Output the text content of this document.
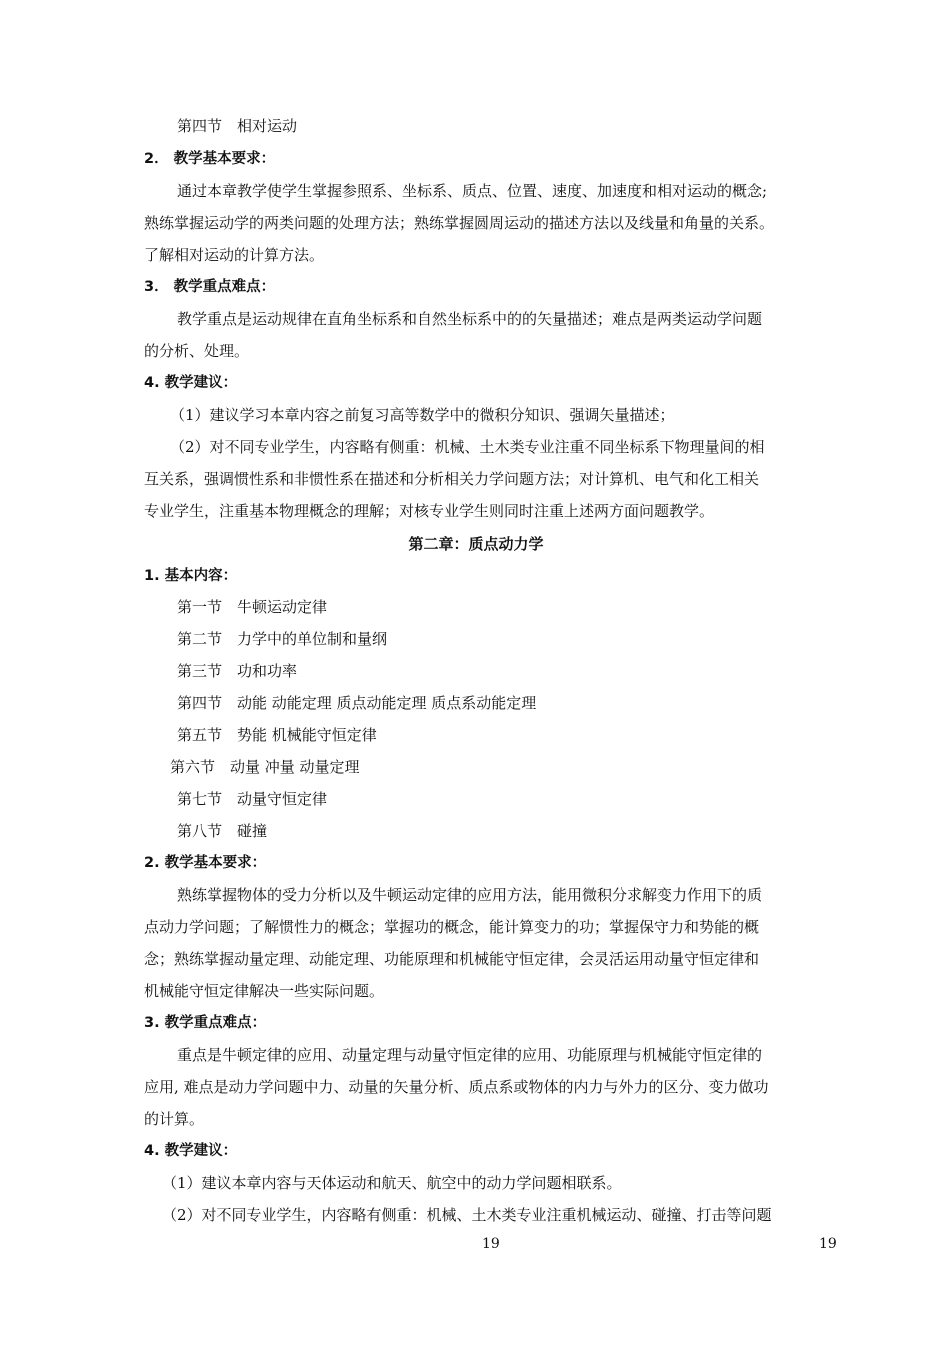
第四节　相对运动
2． 教学基本要求：
通过本章教学使学生掌握参照系、坐标系、质点、位置、速度、加速度和相对运动的概念;
熟练掌握运动学的两类问题的处理方法；熟练掌握圆周运动的描述方法以及线量和角量的关系。
了解相对运动的计算方法。
3． 教学重点难点：
教学重点是运动规律在直角坐标系和自然坐标系中的的矢量描述；难点是两类运动学问题
的分析、处理。
4. 教学建议：
（1）建议学习本章内容之前复习高等数学中的微积分知识、强调矢量描述；
（2）对不同专业学生，内容略有侧重：机械、土木类专业注重不同坐标系下物理量间的相
互关系，强调惯性系和非惯性系在描述和分析相关力学问题方法；对计算机、电气和化工相关
专业学生，注重基本物理概念的理解；对核专业学生则同时注重上述两方面问题教学。
第二章：质点动力学
1. 基本内容：
第一节　牛顿运动定律
第二节　力学中的单位制和量纲
第三节　功和功率
第四节　动能 动能定理 质点动能定理 质点系动能定理
第五节　势能 机械能守恒定律
第六节　动量 冲量 动量定理
第七节　动量守恒定律
第八节　碰撞
2. 教学基本要求：
熟练掌握物体的受力分析以及牛顿运动定律的应用方法，能用微积分求解变力作用下的质
点动力学问题；了解惯性力的概念；掌握功的概念，能计算变力的功；掌握保守力和势能的概
念；熟练掌握动量定理、动能定理、功能原理和机械能守恒定律，会灵活运用动量守恒定律和
机械能守恒定律解决一些实际问题。
3. 教学重点难点：
重点是牛顿定律的应用、动量定理与动量守恒定律的应用、功能原理与机械能守恒定律的
应用, 难点是动力学问题中力、动量的矢量分析、质点系或物体的内力与外力的区分、变力做功
的计算。
4. 教学建议：
（1）建议本章内容与天体运动和航天、航空中的动力学问题相联系。
（2）对不同专业学生，内容略有侧重：机械、土木类专业注重机械运动、碰撞、打击等问题
19	19
